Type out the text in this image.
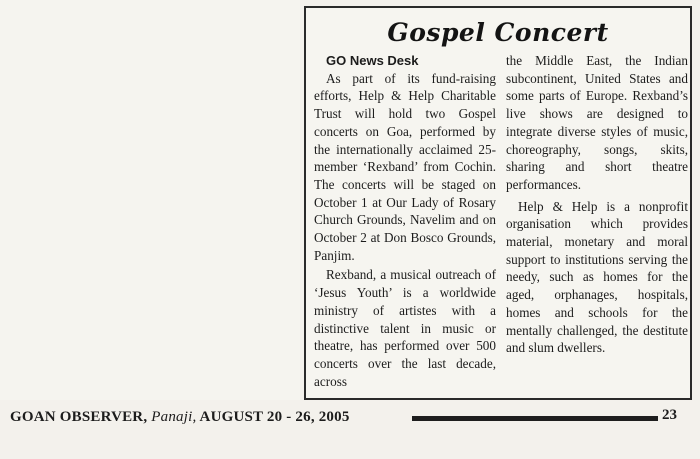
Gospel Concert
GO News Desk

As part of its fund-raising efforts, Help & Help Charitable Trust will hold two Gospel concerts on Goa, performed by the internationally acclaimed 25-member ‘Rexband’ from Cochin. The concerts will be staged on October 1 at Our Lady of Rosary Church Grounds, Navelim and on October 2 at Don Bosco Grounds, Panjim.

Rexband, a musical outreach of ‘Jesus Youth’ is a worldwide ministry of artistes with a distinctive talent in music or theatre, has performed over 500 concerts over the last decade, across

the Middle East, the Indian subcontinent, United States and some parts of Europe. Rexband’s live shows are designed to integrate diverse styles of music, choreography, songs, skits, sharing and short theatre performances.

Help & Help is a nonprofit organisation which provides material, monetary and moral support to institutions serving the needy, such as homes for the aged, orphanages, hospitals, homes and schools for the mentally challenged, the destitute and slum dwellers.

GOAN OBSERVER, Panaji, AUGUST 20 - 26, 2005	23
